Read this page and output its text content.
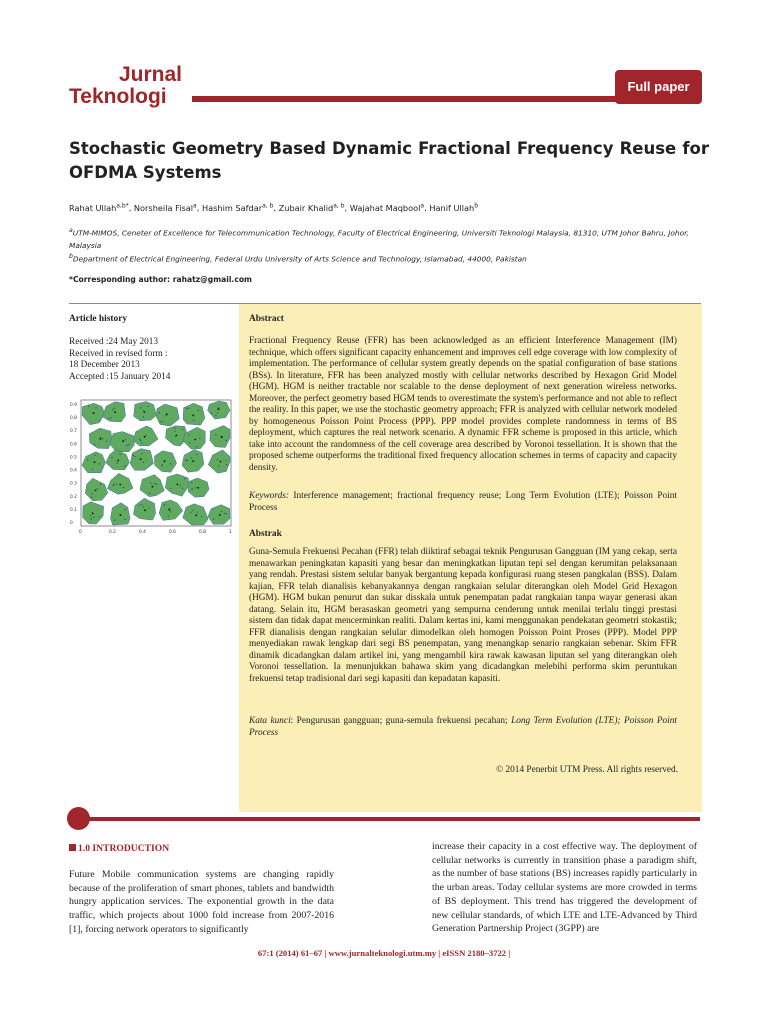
Jurnal
Teknologi	Full paper
Stochastic Geometry Based Dynamic Fractional Frequency Reuse for OFDMA Systems
Rahat Ullah$^{a,b*}$, Norsheila Fisal$^a$, Hashim Safdar$^{a, b}$, Zubair Khalid$^{a, b}$, Wajahat Maqbool$^a$, Hanif Ullah$^b$
$^a$UTM-MIMOS, Ceneter of Excellence for Telecommunication Technology, Faculty of Electrical Engineering, Universiti Teknologi Malaysia, 81310, UTM Johor Bahru, Johor, Malaysia
$^b$Department of Electrical Engineering, Federal Urdu University of Arts Science and Technology, Islamabad, 44000, Pakistan
*Corresponding author: rahatz@gmail.com
Article history
Received :24 May 2013
Received in revised form :
18 December 2013
Accepted :15 January 2014
0.9
0.8
0.7
0.6
0.5
0.4
0.3
0.2
0.1
0
0	0.2	0.4	0.6	0.8	1
Abstract
Fractional Frequency Reuse (FFR) has been acknowledged as an efficient Interference Management (IM) technique, which offers significant capacity enhancement and improves cell edge coverage with low complexity of implementation. The performance of cellular system greatly depends on the spatial configuration of base stations (BSs). In literature, FFR has been analyzed mostly with cellular networks described by Hexagon Grid Model (HGM). HGM is neither tractable nor scalable to the dense deployment of next generation wireless networks. Moreover, the perfect geometry based HGM tends to overestimate the system's performance and not able to reflect the reality. In this paper, we use the stochastic geometry approach; FFR is analyzed with cellular network modeled by homogeneous Poisson Point Process (PPP). PPP model provides complete randomness in terms of BS deployment, which captures the real network scenario. A dynamic FFR scheme is proposed in this article, which take into account the randomness of the cell coverage area described by Voronoi tessellation. It is shown that the proposed scheme outperforms the traditional fixed frequency allocation schemes in terms of capacity and capacity density.
Keywords: Interference management; fractional frequency reuse; Long Term Evolution (LTE); Poisson Point Process
Abstrak
Guna-Semula Frekuensi Pecahan (FFR) telah diiktiraf sebagai teknik Pengurusan Gangguan (IM yang cekap, serta menawarkan peningkatan kapasiti yang besar dan meningkatkan liputan tepi sel dengan kerumitan pelaksanaan yang rendah. Prestasi sistem selular banyak bergantung kepada konfigurasi ruang stesen pangkalan (BSS). Dalam kajian, FFR telah dianalisis kebanyakannya dengan rangkaian selular diterangkan oleh Model Grid Hexagon (HGM). HGM bukan penurut dan sukar disskala untuk penempatan padat rangkaian tanpa wayar generasi akan datang. Selain itu, HGM berasaskan geometri yang sempurna cenderung untuk menilai terlalu tinggi prestasi sistem dan tidak dapat mencerminkan realiti. Dalam kertas ini, kami menggunakan pendekatan geometri stokastik; FFR dianalisis dengan rangkaian selular dimodelkan oleh homogen Poisson Point Proses (PPP). Model PPP menyediakan rawak lengkap dari segi BS penempatan, yang menangkap senario rangkaian sebenar. Skim FFR dinamik dicadangkan dalam artikel ini, yang mengambil kira rawak kawasan liputan sel yang diterangkan oleh Voronoi tessellation. Ia menunjukkan bahawa skim yang dicadangkan melebihi performa skim peruntukan frekuensi tetap tradisional dari segi kapasiti dan kepadatan kapasiti.
Kata kunci: Pengurusan gangguan; guna-semula frekuensi pecahan; Long Term Evolution (LTE); Poisson Point Process
© 2014 Penerbit UTM Press. All rights reserved.
1.0 INTRODUCTION
Future Mobile communication systems are changing rapidly because of the proliferation of smart phones, tablets and bandwidth hungry application services. The exponential growth in the data traffic, which projects about 1000 fold increase from 2007-2016 [1], forcing network operators to significantly
increase their capacity in a cost effective way. The deployment of cellular networks is currently in transition phase a paradigm shift, as the number of base stations (BS) increases rapidly particularly in the urban areas. Today cellular systems are more crowded in terms of BS deployment. This trend has triggered the development of new cellular standards, of which LTE and LTE-Advanced by Third Generation Partnership Project (3GPP) are
67:1 (2014) 61–67 | www.jurnalteknologi.utm.my | eISSN 2180–3722 |
